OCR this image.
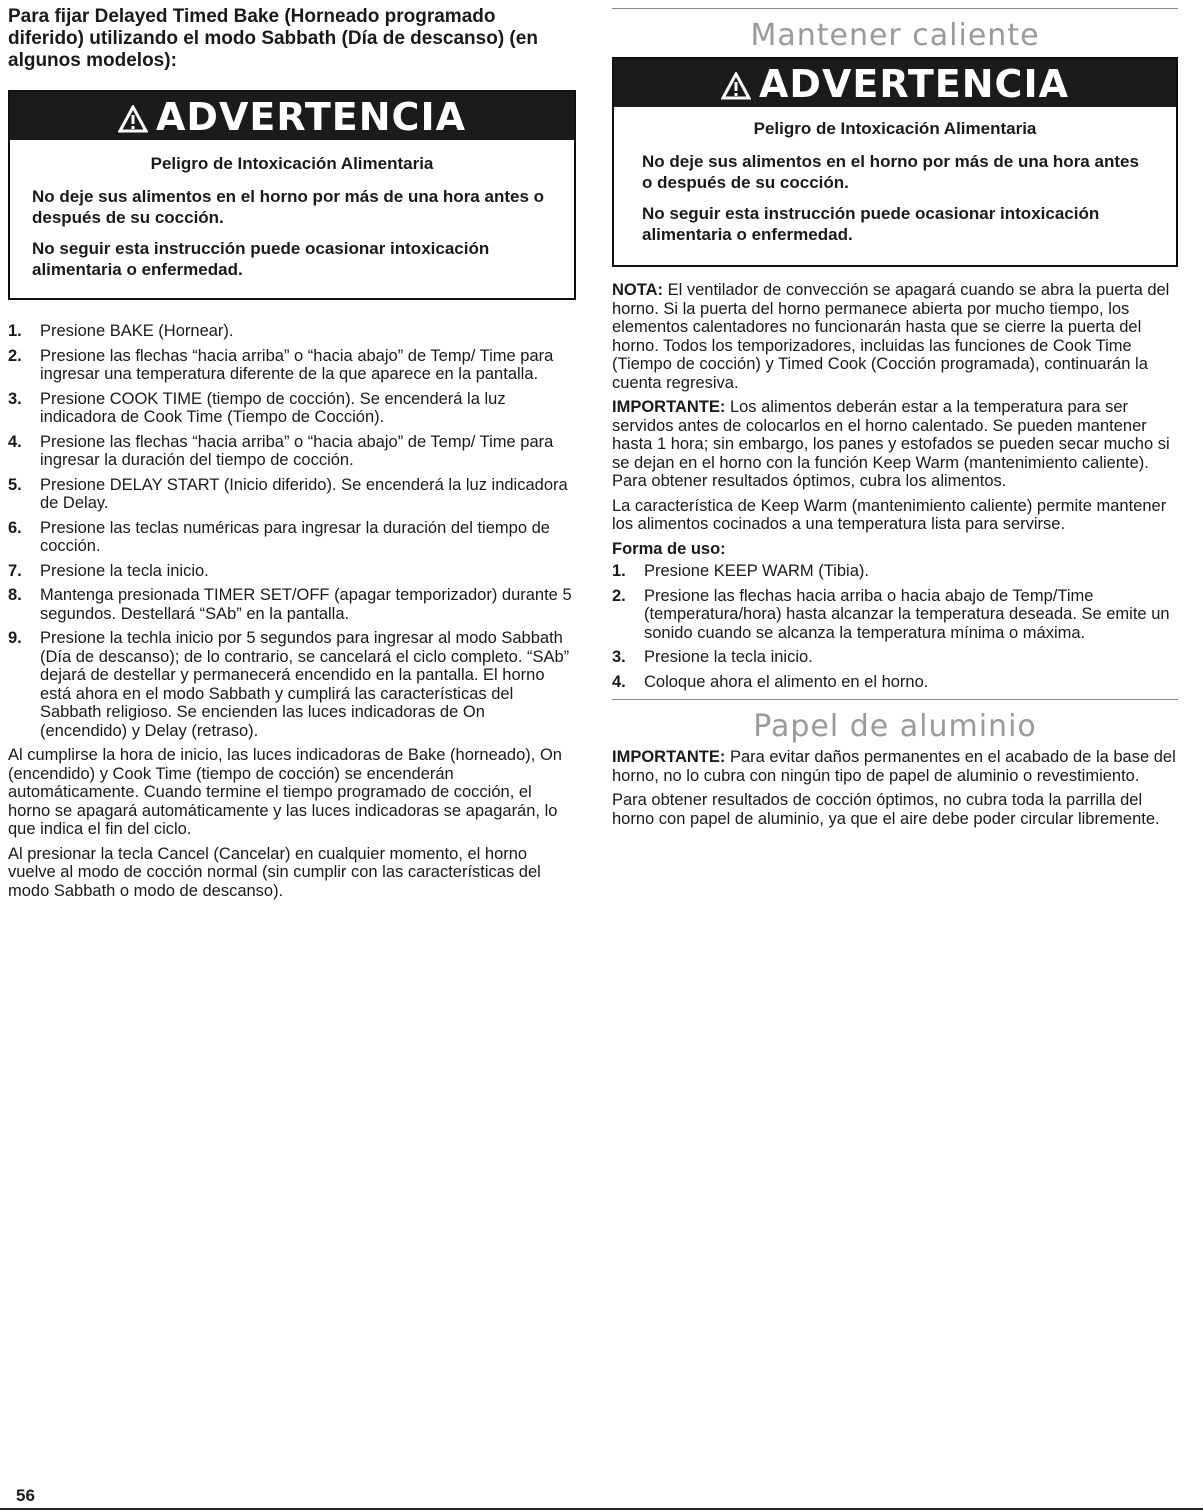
Para fijar Delayed Timed Bake (Horneado programado diferido) utilizando el modo Sabbath (Día de descanso) (en algunos modelos):
ADVERTENCIA
Peligro de Intoxicación Alimentaria

No deje sus alimentos en el horno por más de una hora antes o después de su cocción.

No seguir esta instrucción puede ocasionar intoxicación alimentaria o enfermedad.

1. Presione BAKE (Hornear).
2. Presione las flechas “hacia arriba” o “hacia abajo” de Temp/ Time para ingresar una temperatura diferente de la que aparece en la pantalla.
3. Presione COOK TIME (tiempo de cocción). Se encenderá la luz indicadora de Cook Time (Tiempo de Cocción).
4. Presione las flechas “hacia arriba” o “hacia abajo” de Temp/ Time para ingresar la duración del tiempo de cocción.
5. Presione DELAY START (Inicio diferido). Se encenderá la luz indicadora de Delay.
6. Presione las teclas numéricas para ingresar la duración del tiempo de cocción.
7. Presione la tecla inicio.
8. Mantenga presionada TIMER SET/OFF (apagar temporizador) durante 5 segundos. Destellará “SAb” en la pantalla.
9. Presione la techla inicio por 5 segundos para ingresar al modo Sabbath (Día de descanso); de lo contrario, se cancelará el ciclo completo. “SAb” dejará de destellar y permanecerá encendido en la pantalla. El horno está ahora en el modo Sabbath y cumplirá las características del Sabbath religioso. Se encienden las luces indicadoras de On (encendido) y Delay (retraso).

Al cumplirse la hora de inicio, las luces indicadoras de Bake (horneado), On (encendido) y Cook Time (tiempo de cocción) se encenderán automáticamente. Cuando termine el tiempo programado de cocción, el horno se apagará automáticamente y las luces indicadoras se apagarán, lo que indica el fin del ciclo.

Al presionar la tecla Cancel (Cancelar) en cualquier momento, el horno vuelve al modo de cocción normal (sin cumplir con las características del modo Sabbath o modo de descanso).

Mantener caliente
ADVERTENCIA
Peligro de Intoxicación Alimentaria

No deje sus alimentos en el horno por más de una hora antes o después de su cocción.

No seguir esta instrucción puede ocasionar intoxicación alimentaria o enfermedad.

NOTA: El ventilador de convección se apagará cuando se abra la puerta del horno. Si la puerta del horno permanece abierta por mucho tiempo, los elementos calentadores no funcionarán hasta que se cierre la puerta del horno. Todos los temporizadores, incluidas las funciones de Cook Time (Tiempo de cocción) y Timed Cook (Cocción programada), continuarán la cuenta regresiva.

IMPORTANTE: Los alimentos deberán estar a la temperatura para ser servidos antes de colocarlos en el horno calentado. Se pueden mantener hasta 1 hora; sin embargo, los panes y estofados se pueden secar mucho si se dejan en el horno con la función Keep Warm (mantenimiento caliente). Para obtener resultados óptimos, cubra los alimentos.

La característica de Keep Warm (mantenimiento caliente) permite mantener los alimentos cocinados a una temperatura lista para servirse.

Forma de uso:

1. Presione KEEP WARM (Tibia).
2. Presione las flechas hacia arriba o hacia abajo de Temp/Time (temperatura/hora) hasta alcanzar la temperatura deseada. Se emite un sonido cuando se alcanza la temperatura mínima o máxima.
3. Presione la tecla inicio.
4. Coloque ahora el alimento en el horno.
Papel de aluminio

IMPORTANTE: Para evitar daños permanentes en el acabado de la base del horno, no lo cubra con ningún tipo de papel de aluminio o revestimiento.

Para obtener resultados de cocción óptimos, no cubra toda la parrilla del horno con papel de aluminio, ya que el aire debe poder circular libremente.

56
